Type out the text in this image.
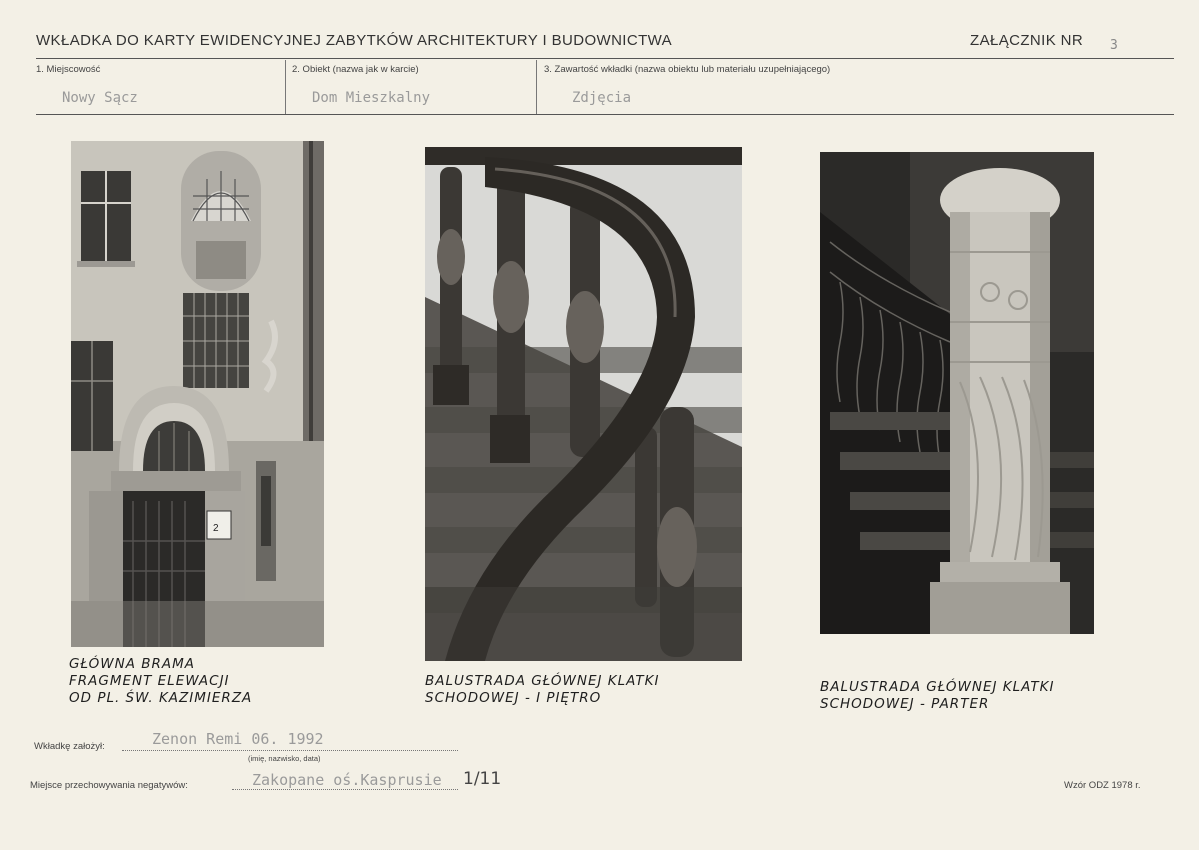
WKŁADKA DO KARTY EWIDENCYJNEJ ZABYTKÓW ARCHITEKTURY I BUDOWNICTWA	ZAŁĄCZNIK NR 3
1. Miejscowość
Nowy Sącz
2. Obiekt (nazwa jak w karcie)
Dom Mieszkalny
3. Zawartość wkładki (nazwa obiektu lub materiału uzupełniającego)
Zdjęcia
2
GŁÓWNA BRAMA
FRAGMENT ELEWACJI
OD PL. ŚW. KAZIMIERZA
BALUSTRADA GŁÓWNEJ KLATKI
SCHODOWEJ - I PIĘTRO
BALUSTRADA GŁÓWNEJ KLATKI
SCHODOWEJ - PARTER
Wkładkę założył:	Zenon Remi 06. 1992
(imię, nazwisko, data)
Miejsce przechowywania negatywów:	Zakopane oś.Kasprusie 1/11	Wzór ODZ 1978 r.
